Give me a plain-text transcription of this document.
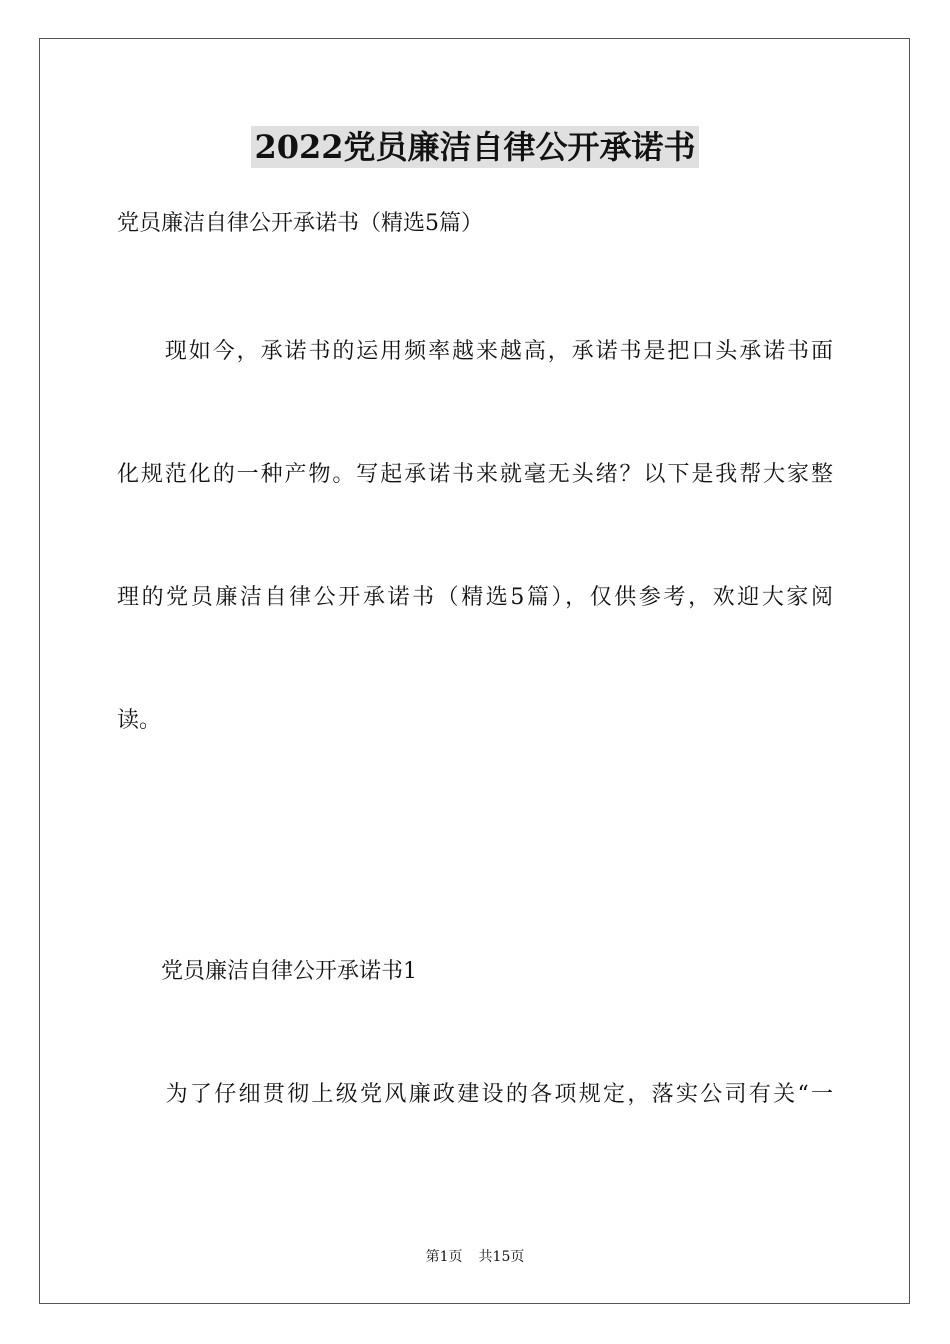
2022党员廉洁自律公开承诺书
党员廉洁自律公开承诺书（精选5篇）
　　现如今，承诺书的运用频率越来越高，承诺书是把口头承诺书面
化规范化的一种产物。写起承诺书来就毫无头绪？以下是我帮大家整
理的党员廉洁自律公开承诺书（精选5篇），仅供参考，欢迎大家阅
读。
　　党员廉洁自律公开承诺书1
　　为了仔细贯彻上级党风廉政建设的各项规定，落实公司有关“一
第1页 共15页
